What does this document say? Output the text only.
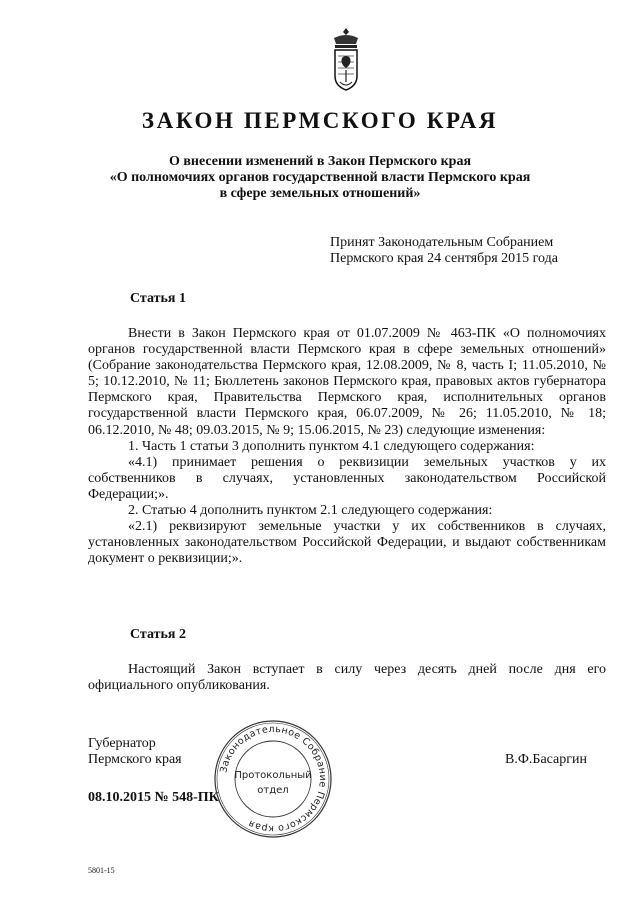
ЗАКОН ПЕРМСКОГО КРАЯ
О внесении изменений в Закон Пермского края
«О полномочиях органов государственной власти Пермского края
в сфере земельных отношений»
Принят Законодательным Собранием
Пермского края 24 сентября 2015 года
Статья 1

Внести в Закон Пермского края от 01.07.2009 № 463-ПК «О полномочиях органов государственной власти Пермского края в сфере земельных отношений» (Собрание законодательства Пермского края, 12.08.2009, № 8, часть I; 11.05.2010, № 5; 10.12.2010, № 11; Бюллетень законов Пермского края, правовых актов губернатора Пермского края, Правительства Пермского края, исполнительных органов государственной власти Пермского края, 06.07.2009, № 26; 11.05.2010, № 18; 06.12.2010, № 48; 09.03.2015, № 9; 15.06.2015, № 23) следующие изменения:

1. Часть 1 статьи 3 дополнить пунктом 4.1 следующего содержания:

«4.1) принимает решения о реквизиции земельных участков у их собственников в случаях, установленных законодательством Российской Федерации;».

2. Статью 4 дополнить пунктом 2.1 следующего содержания:

«2.1) реквизируют земельные участки у их собственников в случаях, установленных законодательством Российской Федерации, и выдают собственникам документ о реквизиции;».

Статья 2

Настоящий Закон вступает в силу через десять дней после дня его официального опубликования.

Губернатор
Пермского края	В.Ф.Басаргин
08.10.2015 № 548-ПК
Законодательное Собрание Пермского края
Протокольный
отдел
5801-15
